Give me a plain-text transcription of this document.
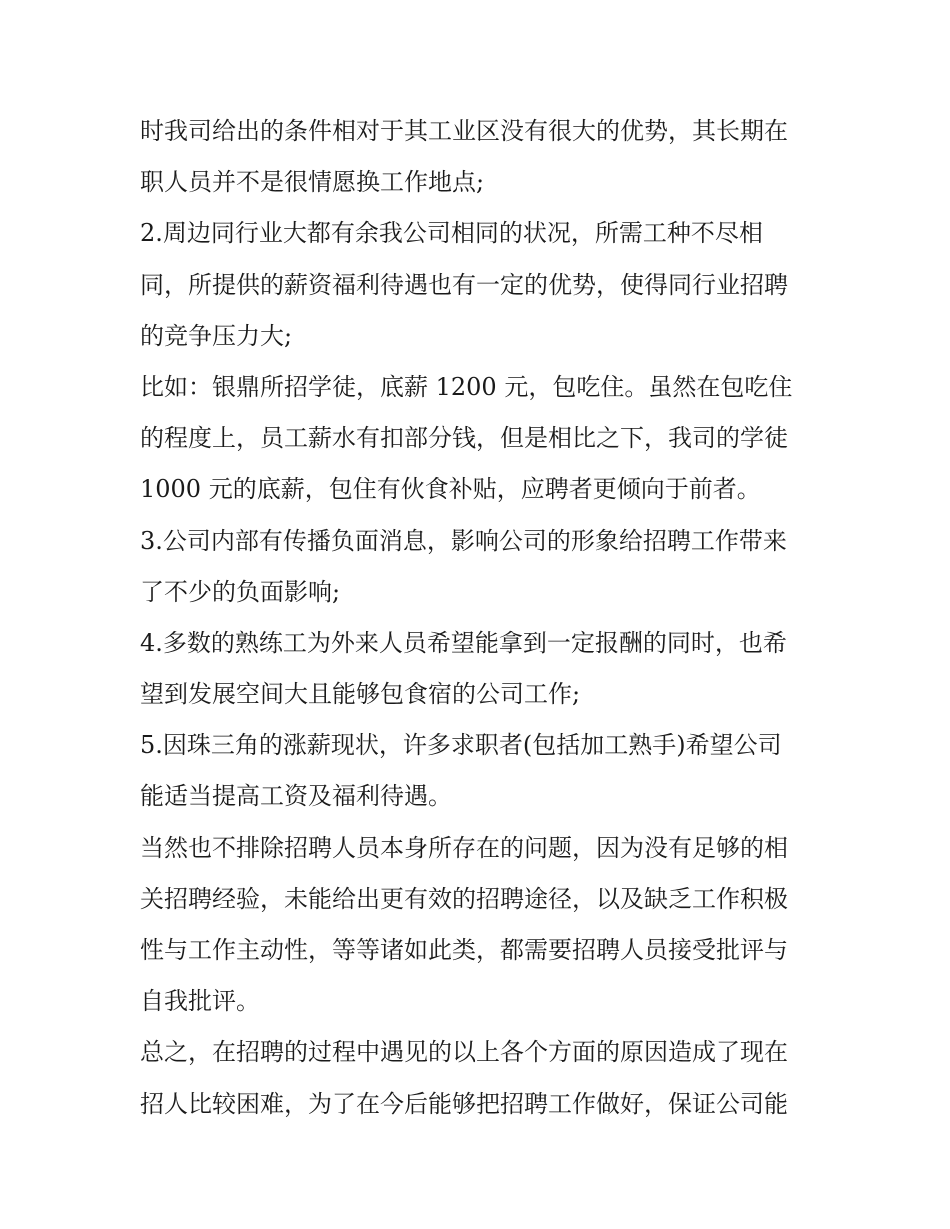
时我司给出的条件相对于其工业区没有很大的优势，其长期在
职人员并不是很情愿换工作地点;
2.周边同行业大都有余我公司相同的状况，所需工种不尽相
同，所提供的薪资福利待遇也有一定的优势，使得同行业招聘
的竞争压力大;
比如：银鼎所招学徒，底薪 1200 元，包吃住。虽然在包吃住
的程度上，员工薪水有扣部分钱，但是相比之下，我司的学徒
1000 元的底薪，包住有伙食补贴，应聘者更倾向于前者。
3.公司内部有传播负面消息，影响公司的形象给招聘工作带来
了不少的负面影响;
4.多数的熟练工为外来人员希望能拿到一定报酬的同时，也希
望到发展空间大且能够包食宿的公司工作;
5.因珠三角的涨薪现状，许多求职者(包括加工熟手)希望公司
能适当提高工资及福利待遇。
当然也不排除招聘人员本身所存在的问题，因为没有足够的相
关招聘经验，未能给出更有效的招聘途径，以及缺乏工作积极
性与工作主动性，等等诸如此类，都需要招聘人员接受批评与
自我批评。
总之，在招聘的过程中遇见的以上各个方面的原因造成了现在
招人比较困难，为了在今后能够把招聘工作做好，保证公司能
